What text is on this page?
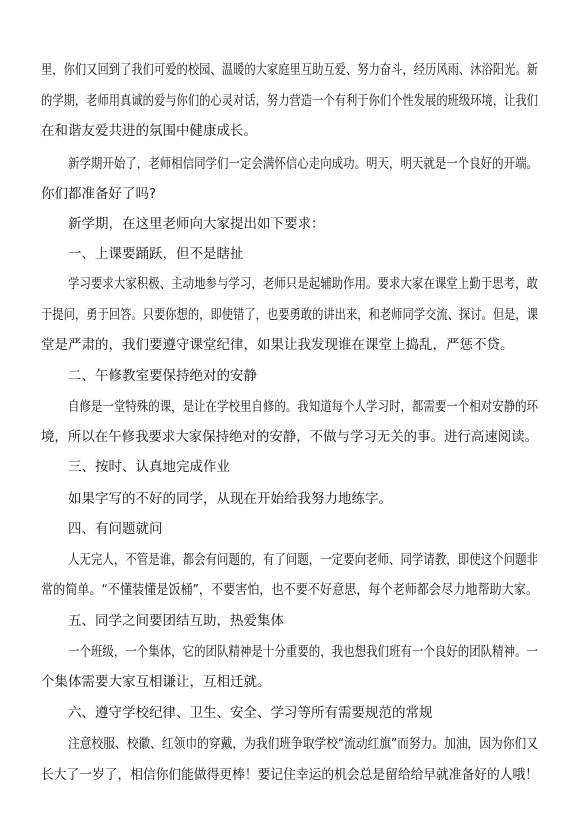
里，你们又回到了我们可爱的校园、温暖的大家庭里互助互爱、努力奋斗，经历风雨、沐浴阳光。新
的学期，老师用真诚的爱与你们的心灵对话，努力营造一个有利于你们个性发展的班级环境，让我们
在和谐友爱共进的氛围中健康成长。
新学期开始了，老师相信同学们一定会满怀信心走向成功。明天，明天就是一个良好的开端。
你们都准备好了吗?
新学期，在这里老师向大家提出如下要求：
一、上课要踊跃，但不是瞎扯
学习要求大家积极、主动地参与学习，老师只是起辅助作用。要求大家在课堂上勤于思考，敢
于提问，勇于回答。只要你想的，即使错了，也要勇敢的讲出来，和老师同学交流、探讨。但是，课
堂是严肃的，我们要遵守课堂纪律，如果让我发现谁在课堂上捣乱，严惩不贷。
二、午修教室要保持绝对的安静
自修是一堂特殊的课，是让在学校里自修的。我知道每个人学习时，都需要一个相对安静的环
境，所以在午修我要求大家保持绝对的安静，不做与学习无关的事。进行高速阅读。
三、按时、认真地完成作业
如果字写的不好的同学，从现在开始给我努力地练字。
四、有问题就问
人无完人，不管是谁，都会有问题的，有了问题，一定要向老师、同学请教，即使这个问题非
常的简单。“不懂装懂是饭桶”，不要害怕，也不要不好意思，每个老师都会尽力地帮助大家。
五、同学之间要团结互助，热爱集体
一个班级，一个集体，它的团队精神是十分重要的，我也想我们班有一个良好的团队精神。一
个集体需要大家互相谦让，互相迁就。
六、遵守学校纪律、卫生、安全、学习等所有需要规范的常规
注意校服、校徽、红领巾的穿戴，为我们班争取学校“流动红旗”而努力。加油，因为你们又
长大了一岁了，相信你们能做得更棒！要记住幸运的机会总是留给给早就准备好的人哦！
